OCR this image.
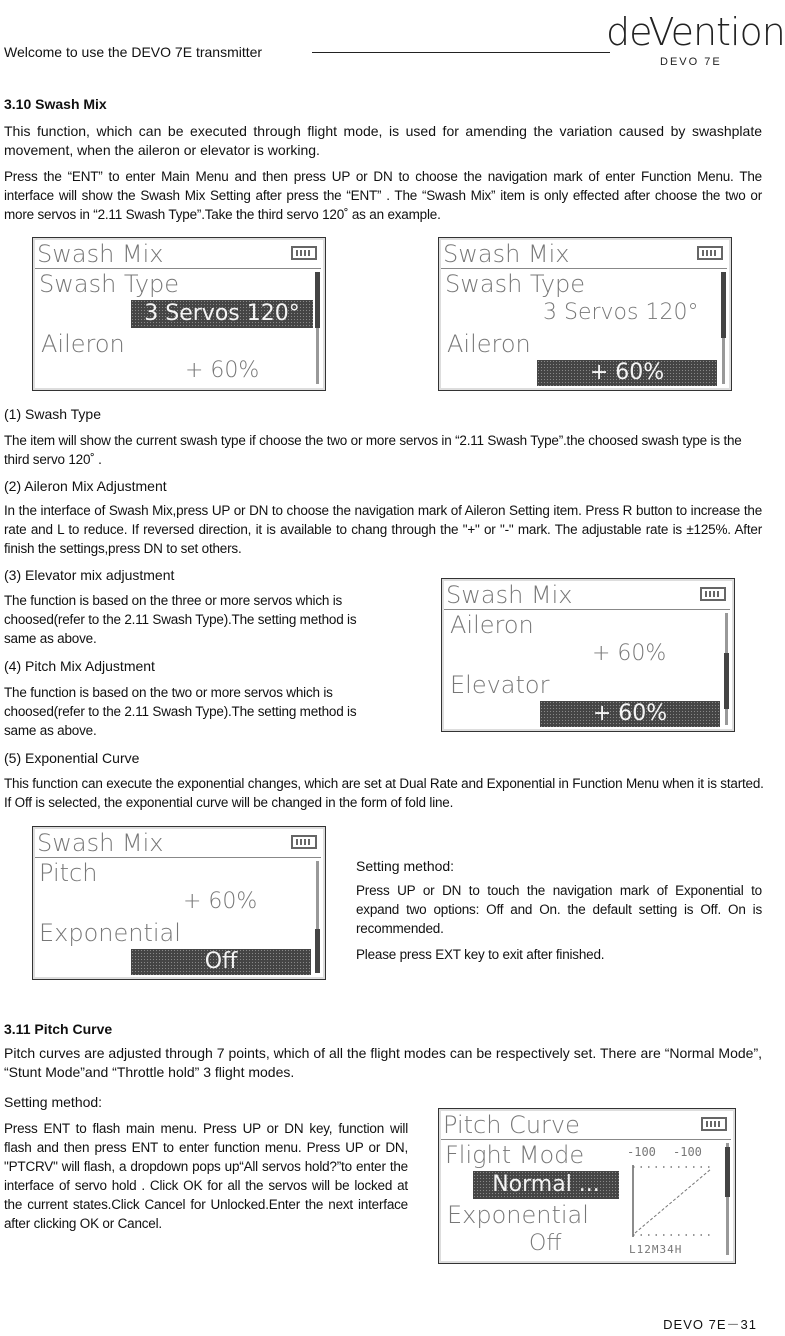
Welcome to use the DEVO 7E transmitter	deVention
DEVO 7E
3.10 Swash Mix

This function, which can be executed through flight mode, is used for amending the variation caused by swashplate movement, when the aileron or elevator is working.

Press the “ENT” to enter Main Menu and then press UP or DN to choose the navigation mark of enter Function Menu. The interface will show the Swash Mix Setting after press the “ENT” . The “Swash Mix” item is only effected after choose the two or more servos in “2.11 Swash Type”.Take the third servo 120˚ as an example.

Swash Mix
Swash Type
3 Servos 120°
Aileron
+ 60%
Swash Mix
Swash Type
3 Servos 120°
Aileron
+ 60%

(1) Swash Type

The item will show the current swash type if choose the two or more servos in “2.11 Swash Type”.the choosed swash type is the third servo 120˚ .

(2) Aileron Mix Adjustment

In the interface of Swash Mix,press UP or DN to choose the navigation mark of Aileron Setting item. Press R button to increase the rate and L to reduce. If reversed direction, it is available to chang through the "+" or "-" mark. The adjustable rate is ±125%. After finish the settings,press DN to set others.

(3) Elevator mix adjustment

The function is based on the three or more servos which is choosed(refer to the 2.11 Swash Type).The setting method is same as above.

(4) Pitch Mix Adjustment

The function is based on the two or more servos which is choosed(refer to the 2.11 Swash Type).The setting method is same as above.

Swash Mix
Aileron
+ 60%
Elevator
+ 60%

(5) Exponential Curve

This function can execute the exponential changes, which are set at Dual Rate and Exponential in Function Menu when it is started. If Off is selected, the exponential curve will be changed in the form of fold line.

Swash Mix
Pitch
+ 60%
Exponential
Off

Setting method:

Press UP or DN to touch the navigation mark of Exponential to expand two options: Off and On. the default setting is Off. On is recommended.

Please press EXT key to exit after finished.

3.11 Pitch Curve

Pitch curves are adjusted through 7 points, which of all the flight modes can be respectively set. There are “Normal Mode”, “Stunt Mode”and “Throttle hold” 3 flight modes.

Setting method:

Press ENT to flash main menu. Press UP or DN key, function will flash and then press ENT to enter function menu. Press UP or DN, "PTCRV" will flash, a dropdown pops up“All servos hold?”to enter the interface of servo hold . Click OK for all the servos will be locked at the current states.Click Cancel for Unlocked.Enter the next interface after clicking OK or Cancel.

Pitch Curve
Flight Mode
Normal ...
Exponential
Off
-100 -100
L12M34H
DEVO 7E－31
